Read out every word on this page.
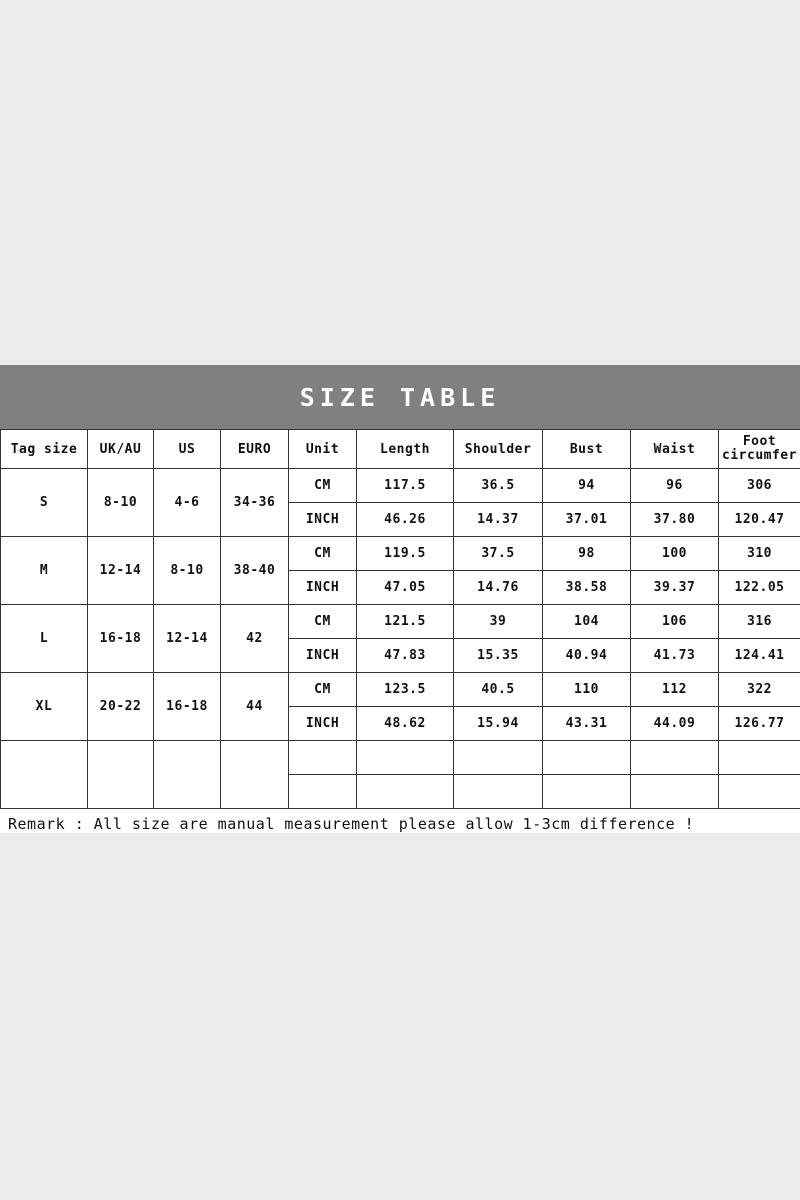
SIZE TABLE
Tag size	UK/AU	US	EURO	Unit	Length	Shoulder	Bust	Waist	Foot circumfer
S	8-10	4-6	34-36	CM	117.5	36.5	94	96	306
				INCH	46.26	14.37	37.01	37.80	120.47
M	12-14	8-10	38-40	CM	119.5	37.5	98	100	310
				INCH	47.05	14.76	38.58	39.37	122.05
L	16-18	12-14	42	CM	121.5	39	104	106	316
				INCH	47.83	15.35	40.94	41.73	124.41
XL	20-22	16-18	44	CM	123.5	40.5	110	112	322
				INCH	48.62	15.94	43.31	44.09	126.77

Remark : All size are manual measurement please allow 1-3cm difference !
